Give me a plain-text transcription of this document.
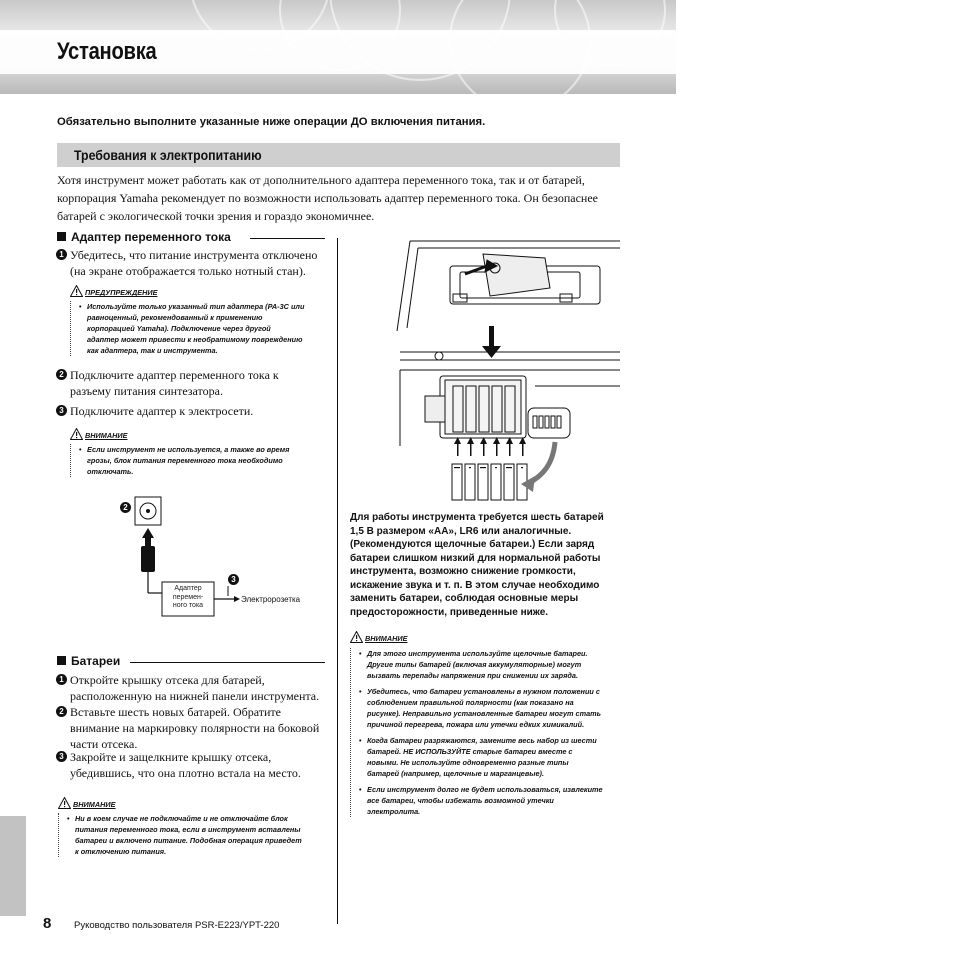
Установка
Обязательно выполните указанные ниже операции ДО включения питания.
Требования к электропитанию
Хотя инструмент может работать как от дополнительного адаптера переменного тока, так и от батарей,
корпорация Yamaha рекомендует по возможности использовать адаптер переменного тока. Он безопаснее
батарей с экологической точки зрения и гораздо экономичнее.
Адаптер переменного тока
1 Убедитесь, что питание инструмента отключено
(на экране отображается только нотный стан).
ПРЕДУПРЕЖДЕНИЕ
• Используйте только указанный тип адаптера (PA-3C или
равноценный, рекомендованный к применению
корпорацией Yamaha). Подключение через другой
адаптер может привести к необратимому повреждению
как адаптера, так и инструмента.
2 Подключите адаптер переменного тока к
разъему питания синтезатора.
3 Подключите адаптер к электросети.
ВНИМАНИЕ
• Если инструмент не используется, а также во время
грозы, блок питания переменного тока необходимо
отключать.
2
3
Адаптер
перемен-
ного тока
Электророзетка
Батареи
1 Откройте крышку отсека для батарей,
расположенную на нижней панели инструмента.
2 Вставьте шесть новых батарей. Обратите
внимание на маркировку полярности на боковой
части отсека.
3 Закройте и защелкните крышку отсека,
убедившись, что она плотно встала на место.
ВНИМАНИЕ
• Ни в коем случае не подключайте и не отключайте блок
питания переменного тока, если в инструмент вставлены
батареи и включено питание. Подобная операция приведет
к отключению питания.
Для работы инструмента требуется шесть батарей
1,5 В размером «AA», LR6 или аналогичные.
(Рекомендуются щелочные батареи.) Если заряд
батареи слишком низкий для нормальной работы
инструмента, возможно снижение громкости,
искажение звука и т. п. В этом случае необходимо
заменить батареи, соблюдая основные меры
предосторожности, приведенные ниже.
ВНИМАНИЕ
• Для этого инструмента используйте щелочные батареи.
Другие типы батарей (включая аккумуляторные) могут
вызвать перепады напряжения при снижении их заряда.
• Убедитесь, что батареи установлены в нужном положении с
соблюдением правильной полярности (как показано на
рисунке). Неправильно установленные батареи могут стать
причиной перегрева, пожара или утечки едких химикалий.
• Когда батареи разряжаются, замените весь набор из шести
батарей. НЕ ИСПОЛЬЗУЙТЕ старые батареи вместе с
новыми. Не используйте одновременно разные типы
батарей (например, щелочные и марганцевые).
• Если инструмент долго не будет использоваться, извлеките
все батареи, чтобы избежать возможной утечки
электролита.
8 Руководство пользователя PSR-E223/YPT-220
